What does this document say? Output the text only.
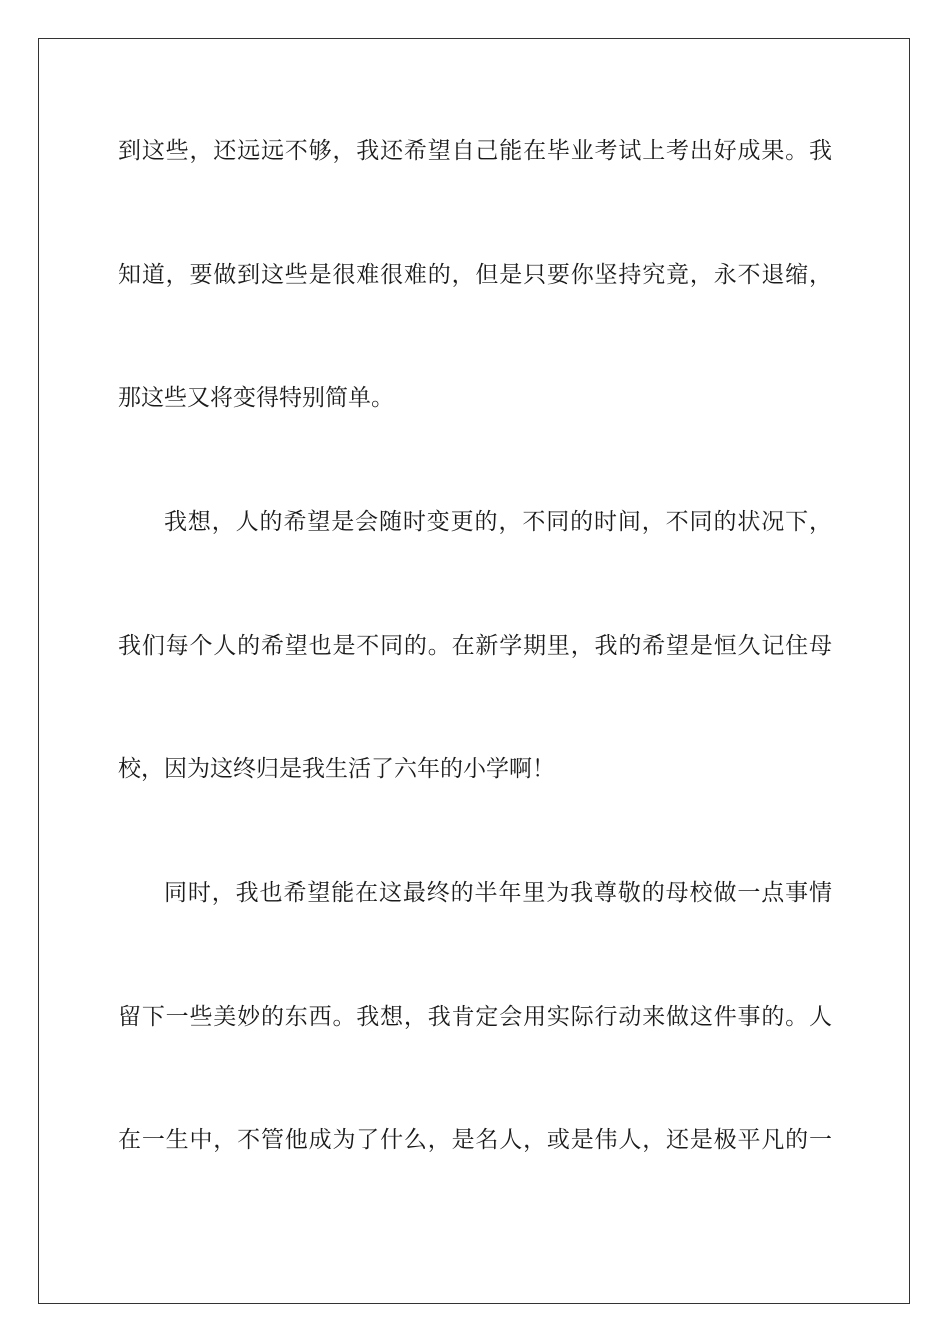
到这些，还远远不够，我还希望自己能在毕业考试上考出好成果。我
知道，要做到这些是很难很难的，但是只要你坚持究竟，永不退缩，
那这些又将变得特别简单。
我想，人的希望是会随时变更的，不同的时间，不同的状况下，
我们每个人的希望也是不同的。在新学期里，我的希望是恒久记住母
校，因为这终归是我生活了六年的小学啊！
同时，我也希望能在这最终的半年里为我尊敬的母校做一点事情
留下一些美妙的东西。我想，我肯定会用实际行动来做这件事的。人
在一生中，不管他成为了什么，是名人，或是伟人，还是极平凡的一
